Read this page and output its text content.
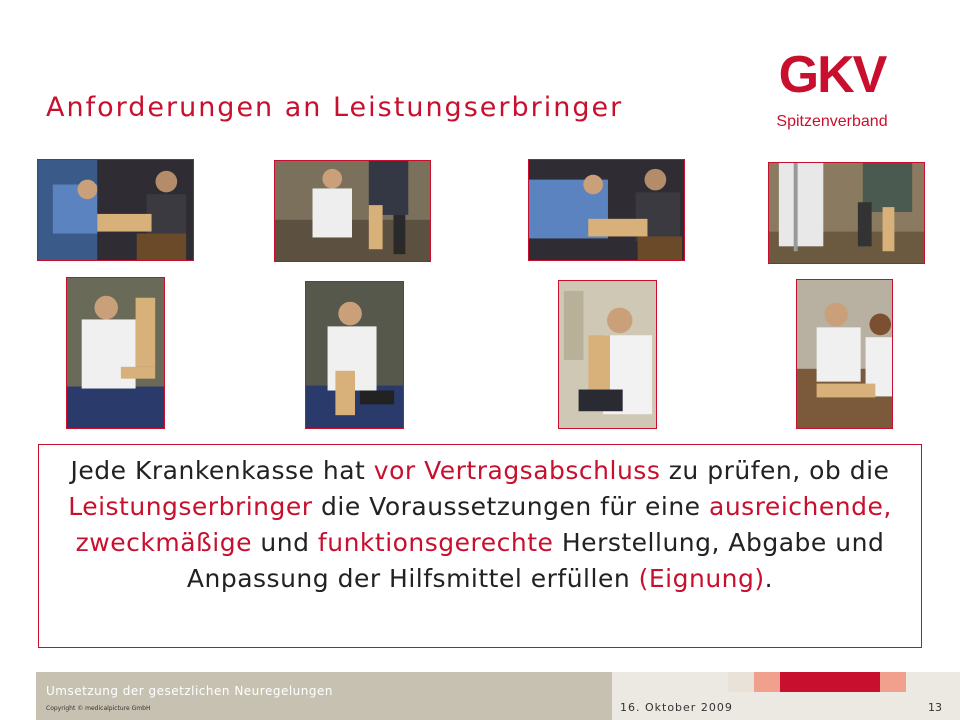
Anforderungen an Leistungserbringer
GKV
Spitzenverband
Jede Krankenkasse hat vor Vertragsabschluss zu prüfen, ob die Leistungserbringer die Voraussetzungen für eine ausreichende, zweckmäßige und funktionsgerechte Herstellung, Abgabe und Anpassung der Hilfsmittel erfüllen (Eignung).
Umsetzung der gesetzlichen Neuregelungen
Copyright © medicalpicture GmbH	16. Oktober 2009	13
